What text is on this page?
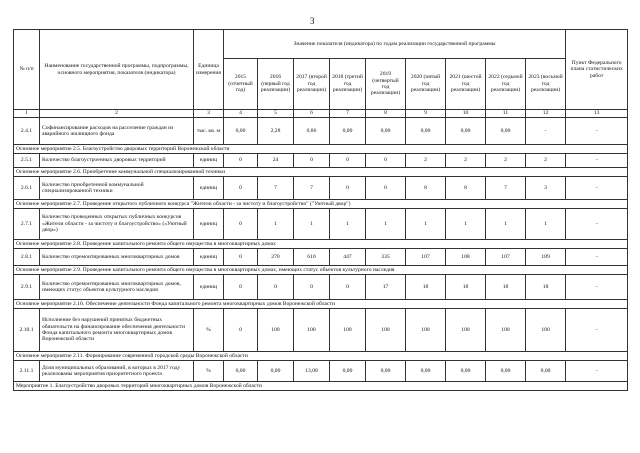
3
№ п/п	Наименование государственной программы, подпрограммы, основного мероприятия, показателя (индикатора)	Единица измерения	Значение показателя (индикатора) по годам реализации государственной программы									Пункт Федерального плана статистических работ
			2015 (отчетный год)	2016 (первый год реализации)	2017 (второй год реализации)	2018 (третий год реализации)	2019 (четвертый год реализации)	2020 (пятый год реализации)	2021 (шестой год реализации)	2022 (седьмой год реализации)	2023 (восьмой год реализации)	
1	2	3	4	5	6	7	8	9	10	11	12	13
2.4.1	Софинансирование расходов на расселение граждан из аварийного жилищного фонда	тыс. кв. м	0,00	2,28	0,86	0,00	0,00	0,00	0,00	0,00	-	-
Основное мероприятие 2.5. Благоустройство дворовых территорий Воронежской области												
2.5.1	Количество благоустроенных дворовых территорий	единиц	0	24	0	0	0	2	2	2	2	-
Основное мероприятие 2.6. Приобретение коммунальной специализированной техники												
2.6.1	Количество приобретенной коммунальной специализированной техники	единиц	0	7	7	0	0	8	8	7	3	-
Основное мероприятие 2.7. Проведение открытого публичного конкурса "Жители области - за чистоту и благоустройство" ("Уютный двор")												
2.7.1	Количество проведенных открытых публичных конкурсов «Жители области - за чистоту и благоустройство» («Уютный двор»)	единиц	0	1	1	1	1	1	1	1	1	-
Основное мероприятие 2.8. Проведение капитального ремонта общего имущества в многоквартирных домах												
2.8.1	Количество отремонтированных многоквартирных домов	единиц	0	270	610	447	335	107	108	107	189	-
Основное мероприятие 2.9. Проведение капитального ремонта общего имущества в многоквартирных домах, имеющих статус объектов культурного наследия												
2.9.1	Количество отремонтированных многоквартирных домов, имеющих статус объектов культурного наследия	единиц	0	0	0	0	17	18	18	18	18	-
Основное мероприятие 2.10. Обеспечение деятельности Фонда капитального ремонта многоквартирных домов Воронежской области												
2.10.1	Исполнение без нарушений принятых бюджетных обязательств на финансирование обеспечения деятельности Фонда капитального ремонта многоквартирных домов Воронежской области	%	0	100	100	100	100	100	100	100	100	-
Основное мероприятие 2.11. Формирование современной городской среды Воронежской области												
2.11.1	Доля муниципальных образований, в которых в 2017 году реализованы мероприятия приоритетного проекта	%	0,00	0,00	13,08	0,00	0,00	0,00	0,00	0,00	0,00	-
Мероприятие 1. Благоустройство дворовых территорий многоквартирных домов Воронежской области												
